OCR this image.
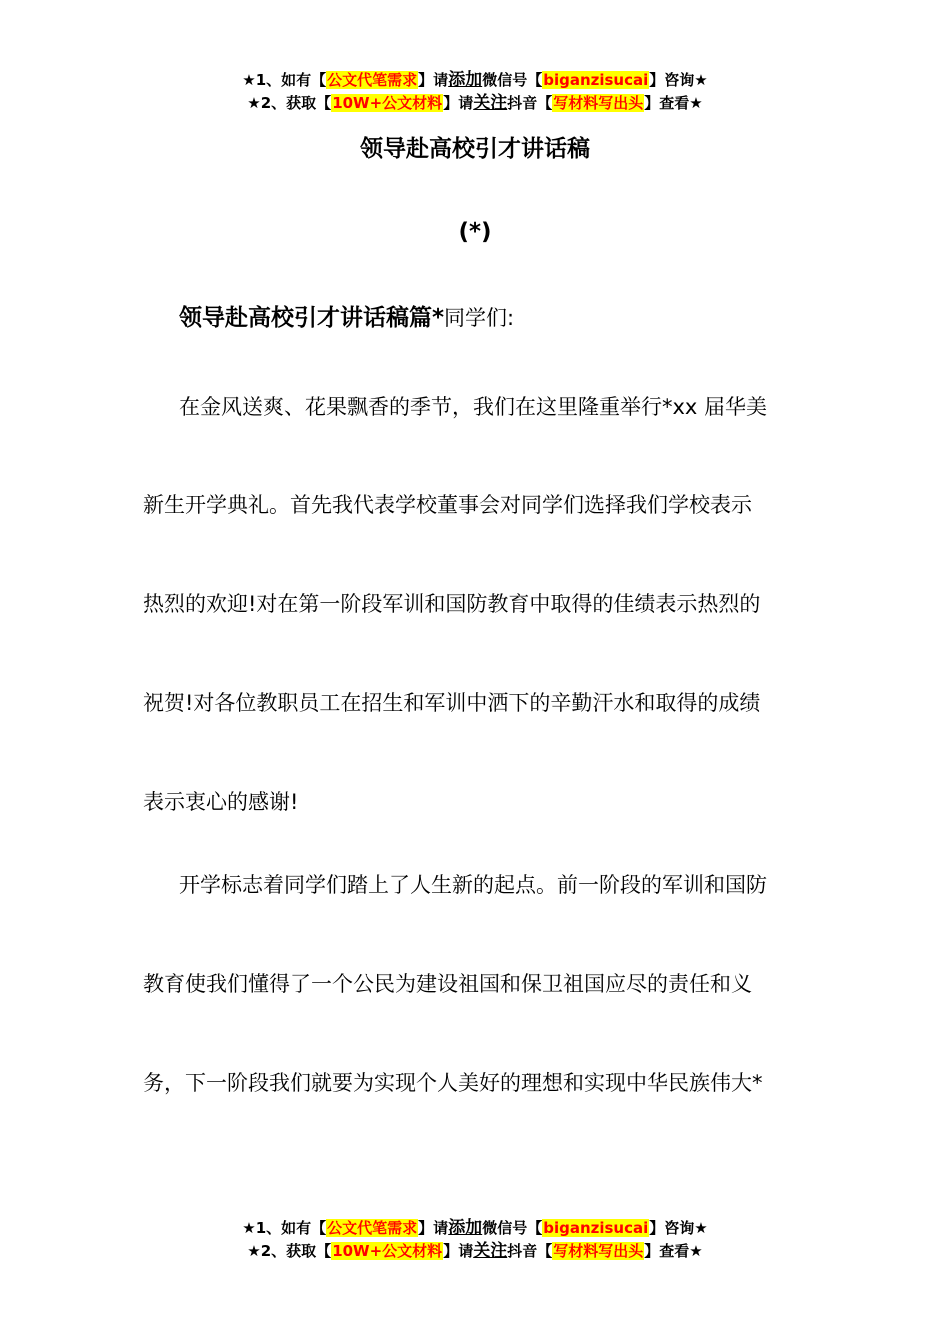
★1、如有【公文代笔需求】请添加微信号【biganzisucai】咨询★
★2、获取【10W+公文材料】请关注抖音【写材料写出头】查看★
领导赴高校引才讲话稿
(*)
领导赴高校引才讲话稿篇*同学们:
在金风送爽、花果飘香的季节，我们在这里隆重举行*xx 届华美
新生开学典礼。首先我代表学校董事会对同学们选择我们学校表示
热烈的欢迎!对在第一阶段军训和国防教育中取得的佳绩表示热烈的
祝贺!对各位教职员工在招生和军训中洒下的辛勤汗水和取得的成绩
表示衷心的感谢!
开学标志着同学们踏上了人生新的起点。前一阶段的军训和国防
教育使我们懂得了一个公民为建设祖国和保卫祖国应尽的责任和义
务，下一阶段我们就要为实现个人美好的理想和实现中华民族伟大*
★1、如有【公文代笔需求】请添加微信号【biganzisucai】咨询★
★2、获取【10W+公文材料】请关注抖音【写材料写出头】查看★
